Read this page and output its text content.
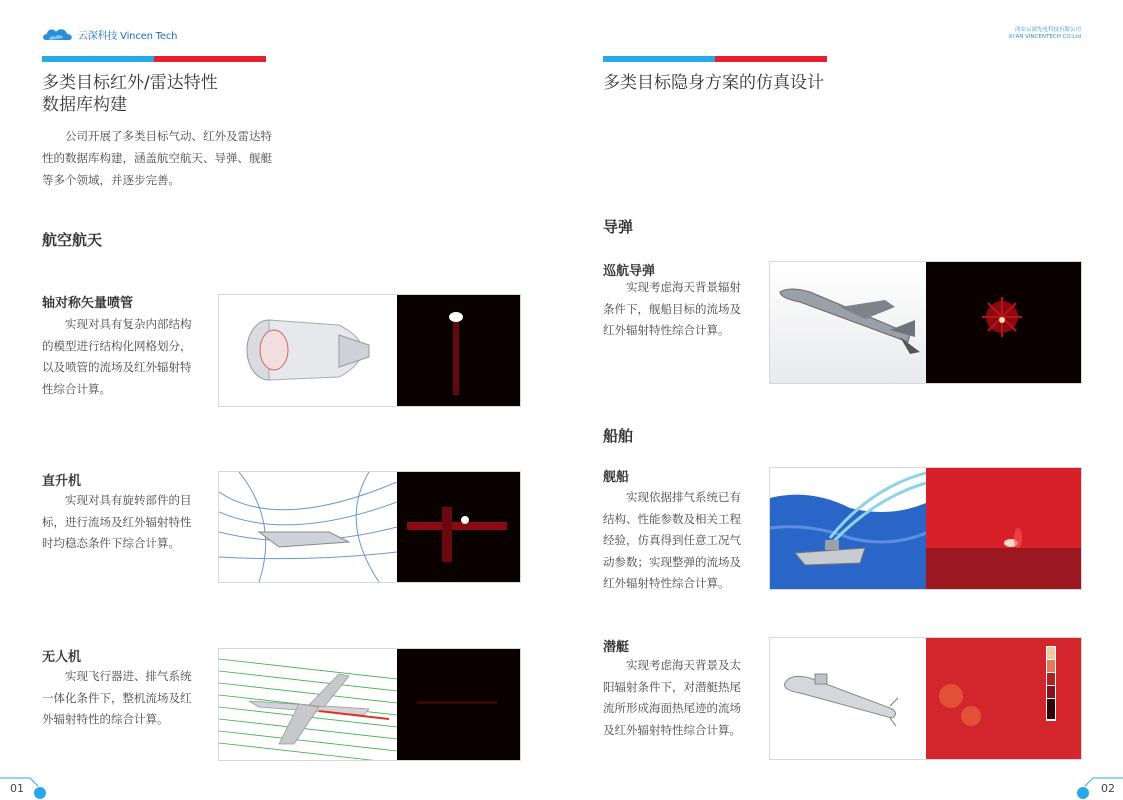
云深科技 Vincen Tech
西安云深光电科技有限公司
XI'AN VINCENTECH CO.Ltd
多类目标红外/雷达特性
数据库构建
公司开展了多类目标气动、红外及雷达特性的数据库构建，涵盖航空航天、导弹、舰艇等多个领域，并逐步完善。
航空航天
轴对称矢量喷管
实现对具有复杂内部结构的模型进行结构化网格划分，以及喷管的流场及红外辐射特性综合计算。
直升机
实现对具有旋转部件的目标，进行流场及红外辐射特性时均稳态条件下综合计算。
无人机
实现飞行器进、排气系统一体化条件下，整机流场及红外辐射特性的综合计算。
01
多类目标隐身方案的仿真设计
导弹
巡航导弹
实现考虑海天背景辐射条件下，舰船目标的流场及红外辐射特性综合计算。
船舶
舰船
实现依据排气系统已有结构、性能参数及相关工程经验，仿真得到任意工况气动参数；实现整弹的流场及红外辐射特性综合计算。
潜艇
实现考虑海天背景及太阳辐射条件下，对潜艇热尾流所形成海面热尾迹的流场及红外辐射特性综合计算。
02
